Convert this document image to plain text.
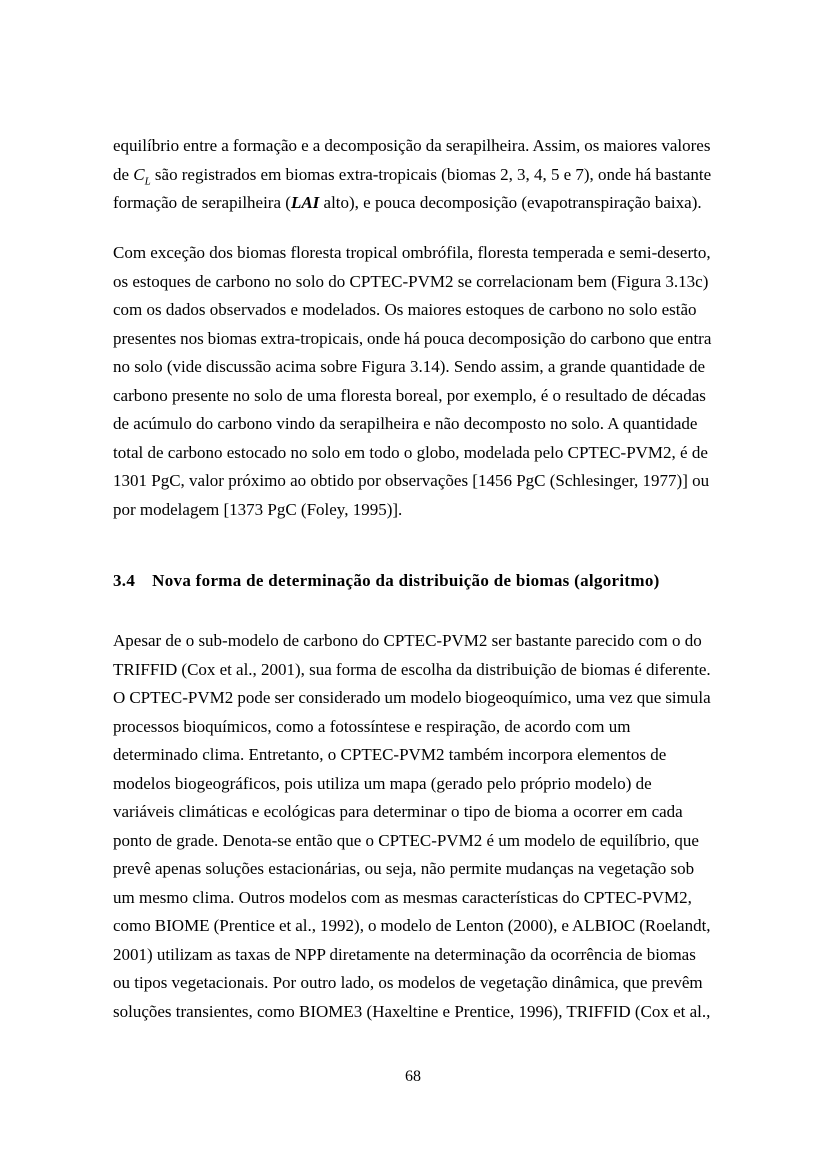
equilíbrio entre a formação e a decomposição da serapilheira. Assim, os maiores valores
de $C_L$ são registrados em biomas extra-tropicais (biomas 2, 3, 4, 5 e 7), onde há bastante
formação de serapilheira (LAI alto), e pouca decomposição (evapotranspiração baixa).
Com exceção dos biomas floresta tropical ombrófila, floresta temperada e semi-deserto,
os estoques de carbono no solo do CPTEC-PVM2 se correlacionam bem (Figura 3.13c)
com os dados observados e modelados. Os maiores estoques de carbono no solo estão
presentes nos biomas extra-tropicais, onde há pouca decomposição do carbono que entra
no solo (vide discussão acima sobre Figura 3.14). Sendo assim, a grande quantidade de
carbono presente no solo de uma floresta boreal, por exemplo, é o resultado de décadas
de acúmulo do carbono vindo da serapilheira e não decomposto no solo. A quantidade
total de carbono estocado no solo em todo o globo, modelada pelo CPTEC-PVM2, é de
1301 PgC, valor próximo ao obtido por observações [1456 PgC (Schlesinger, 1977)] ou
por modelagem [1373 PgC (Foley, 1995)].
3.4 Nova forma de determinação da distribuição de biomas (algoritmo)
Apesar de o sub-modelo de carbono do CPTEC-PVM2 ser bastante parecido com o do
TRIFFID (Cox et al., 2001), sua forma de escolha da distribuição de biomas é diferente.
O CPTEC-PVM2 pode ser considerado um modelo biogeoquímico, uma vez que simula
processos bioquímicos, como a fotossíntese e respiração, de acordo com um
determinado clima. Entretanto, o CPTEC-PVM2 também incorpora elementos de
modelos biogeográficos, pois utiliza um mapa (gerado pelo próprio modelo) de
variáveis climáticas e ecológicas para determinar o tipo de bioma a ocorrer em cada
ponto de grade. Denota-se então que o CPTEC-PVM2 é um modelo de equilíbrio, que
prevê apenas soluções estacionárias, ou seja, não permite mudanças na vegetação sob
um mesmo clima. Outros modelos com as mesmas características do CPTEC-PVM2,
como BIOME (Prentice et al., 1992), o modelo de Lenton (2000), e ALBIOC (Roelandt,
2001) utilizam as taxas de NPP diretamente na determinação da ocorrência de biomas
ou tipos vegetacionais. Por outro lado, os modelos de vegetação dinâmica, que prevêm
soluções transientes, como BIOME3 (Haxeltine e Prentice, 1996), TRIFFID (Cox et al.,
68
